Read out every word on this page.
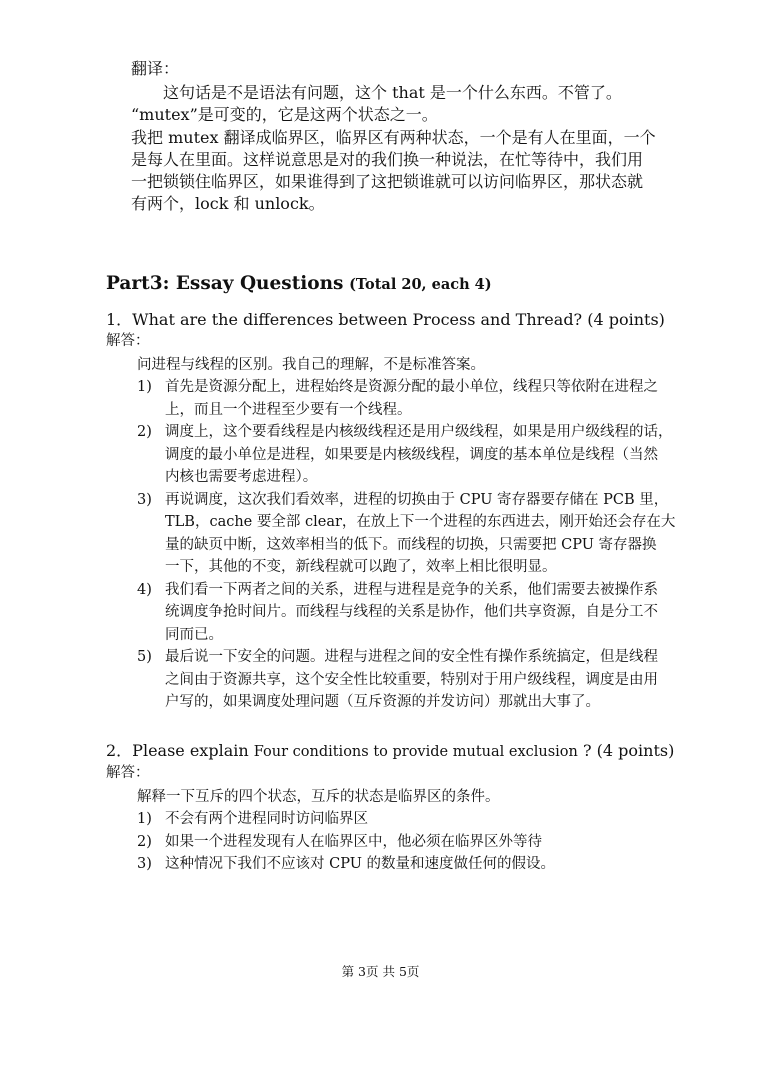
翻译：
这句话是不是语法有问题，这个 that 是一个什么东西。不管了。
“mutex”是可变的，它是这两个状态之一。
我把 mutex 翻译成临界区，临界区有两种状态，一个是有人在里面，一个
是每人在里面。这样说意思是对的我们换一种说法，在忙等待中，我们用
一把锁锁住临界区，如果谁得到了这把锁谁就可以访问临界区，那状态就
有两个，lock 和 unlock。
Part3: Essay Questions (Total 20, each 4)
1．What are the differences between Process and Thread? (4 points)
解答：
问进程与线程的区别。我自己的理解，不是标准答案。
1) 首先是资源分配上，进程始终是资源分配的最小单位，线程只等依附在进程之
上，而且一个进程至少要有一个线程。
2) 调度上，这个要看线程是内核级线程还是用户级线程，如果是用户级线程的话，
调度的最小单位是进程，如果要是内核级线程，调度的基本单位是线程（当然
内核也需要考虑进程）。
3) 再说调度，这次我们看效率，进程的切换由于 CPU 寄存器要存储在 PCB 里，
TLB，cache 要全部 clear，在放上下一个进程的东西进去，刚开始还会存在大
量的缺页中断，这效率相当的低下。而线程的切换，只需要把 CPU 寄存器换
一下，其他的不变，新线程就可以跑了，效率上相比很明显。
4) 我们看一下两者之间的关系，进程与进程是竞争的关系，他们需要去被操作系
统调度争抢时间片。而线程与线程的关系是协作，他们共享资源，自是分工不
同而已。
5) 最后说一下安全的问题。进程与进程之间的安全性有操作系统搞定，但是线程
之间由于资源共享，这个安全性比较重要，特别对于用户级线程，调度是由用
户写的，如果调度处理问题（互斥资源的并发访问）那就出大事了。
2．Please explain Four conditions to provide mutual exclusion ? (4 points)
解答：
解释一下互斥的四个状态，互斥的状态是临界区的条件。
1) 不会有两个进程同时访问临界区
2) 如果一个进程发现有人在临界区中，他必须在临界区外等待
3) 这种情况下我们不应该对 CPU 的数量和速度做任何的假设。
第 3页 共 5页
